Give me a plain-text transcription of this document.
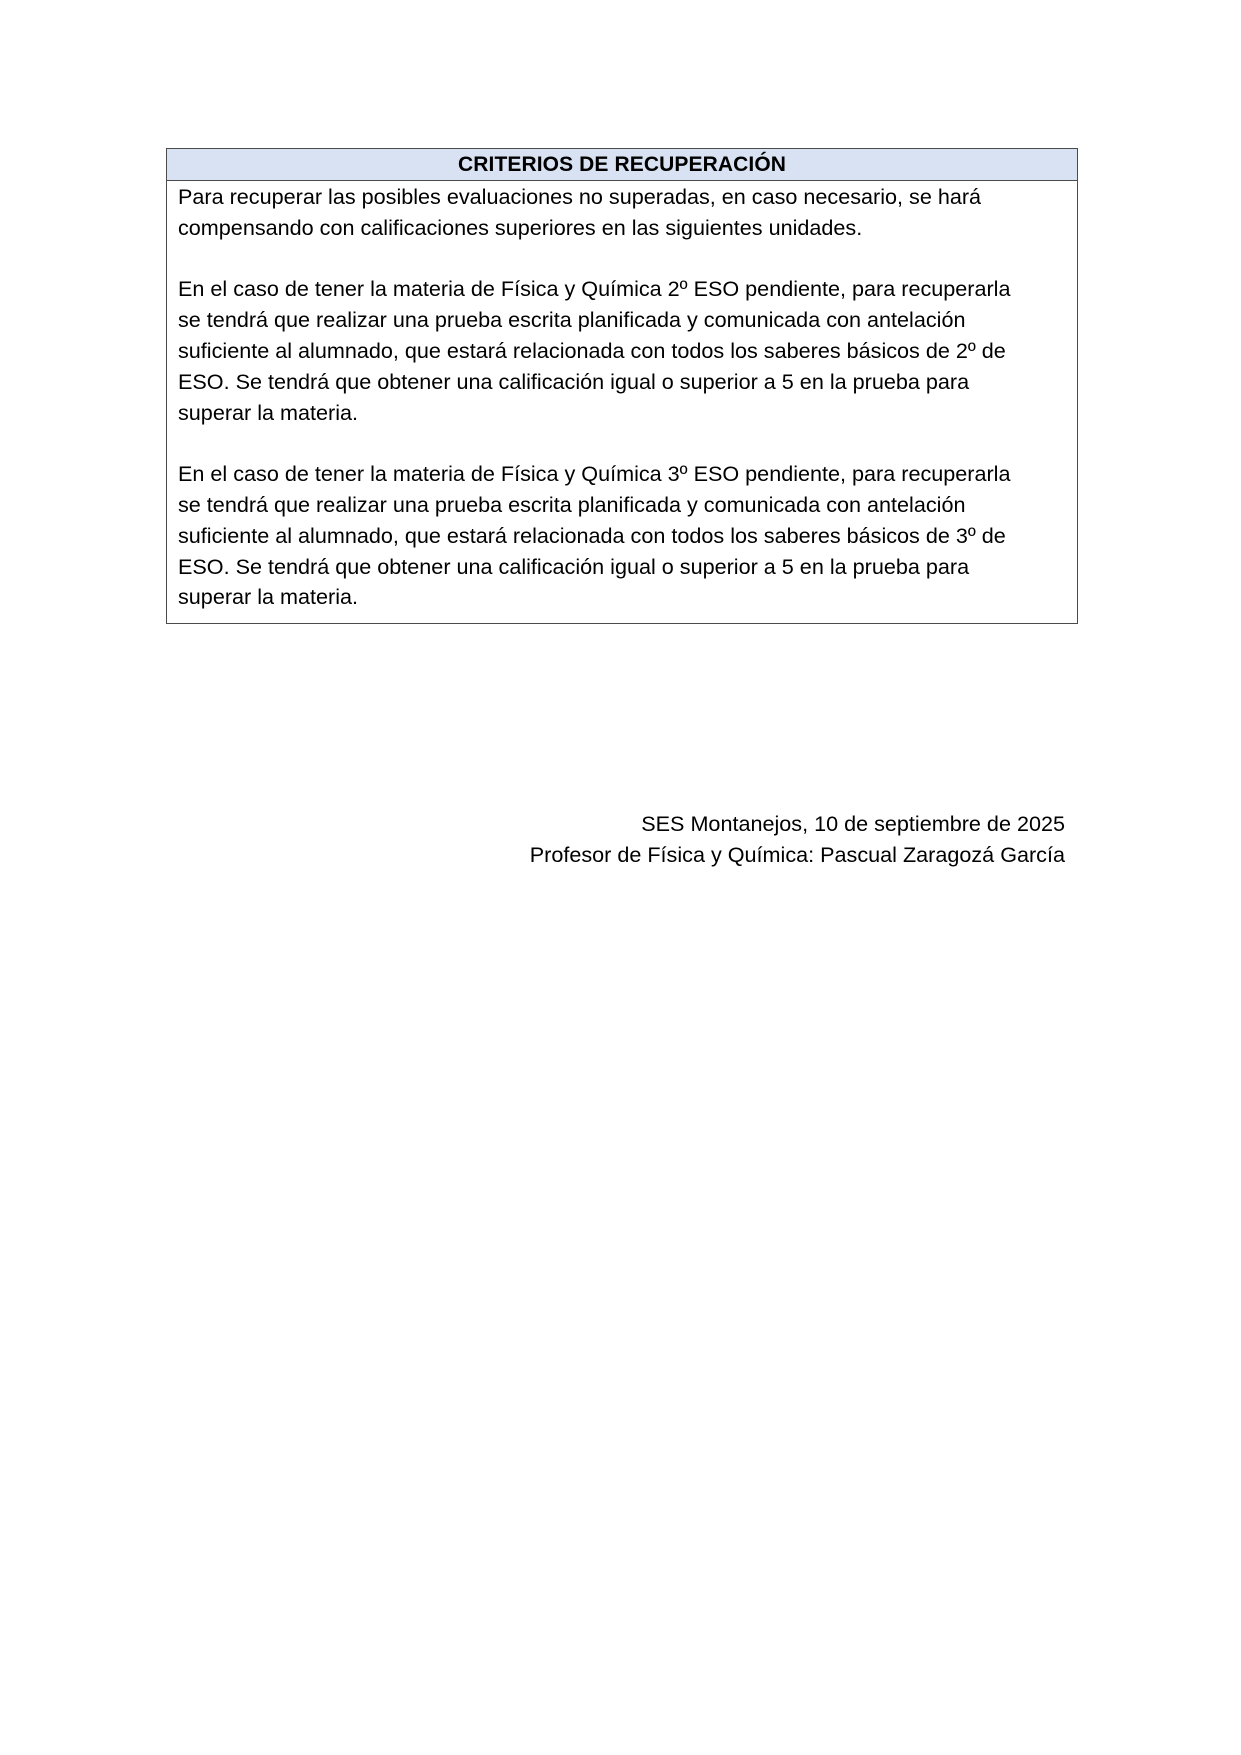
CRITERIOS DE RECUPERACIÓN

Para recuperar las posibles evaluaciones no superadas, en caso necesario, se hará
compensando con calificaciones superiores en las siguientes unidades.

En el caso de tener la materia de Física y Química 2º ESO pendiente, para recuperarla
se tendrá que realizar una prueba escrita planificada y comunicada con antelación
suficiente al alumnado, que estará relacionada con todos los saberes básicos de 2º de
ESO. Se tendrá que obtener una calificación igual o superior a 5 en la prueba para
superar la materia.

En el caso de tener la materia de Física y Química 3º ESO pendiente, para recuperarla
se tendrá que realizar una prueba escrita planificada y comunicada con antelación
suficiente al alumnado, que estará relacionada con todos los saberes básicos de 3º de
ESO. Se tendrá que obtener una calificación igual o superior a 5 en la prueba para
superar la materia.

SES Montanejos, 10 de septiembre de 2025
Profesor de Física y Química: Pascual Zaragozá García
